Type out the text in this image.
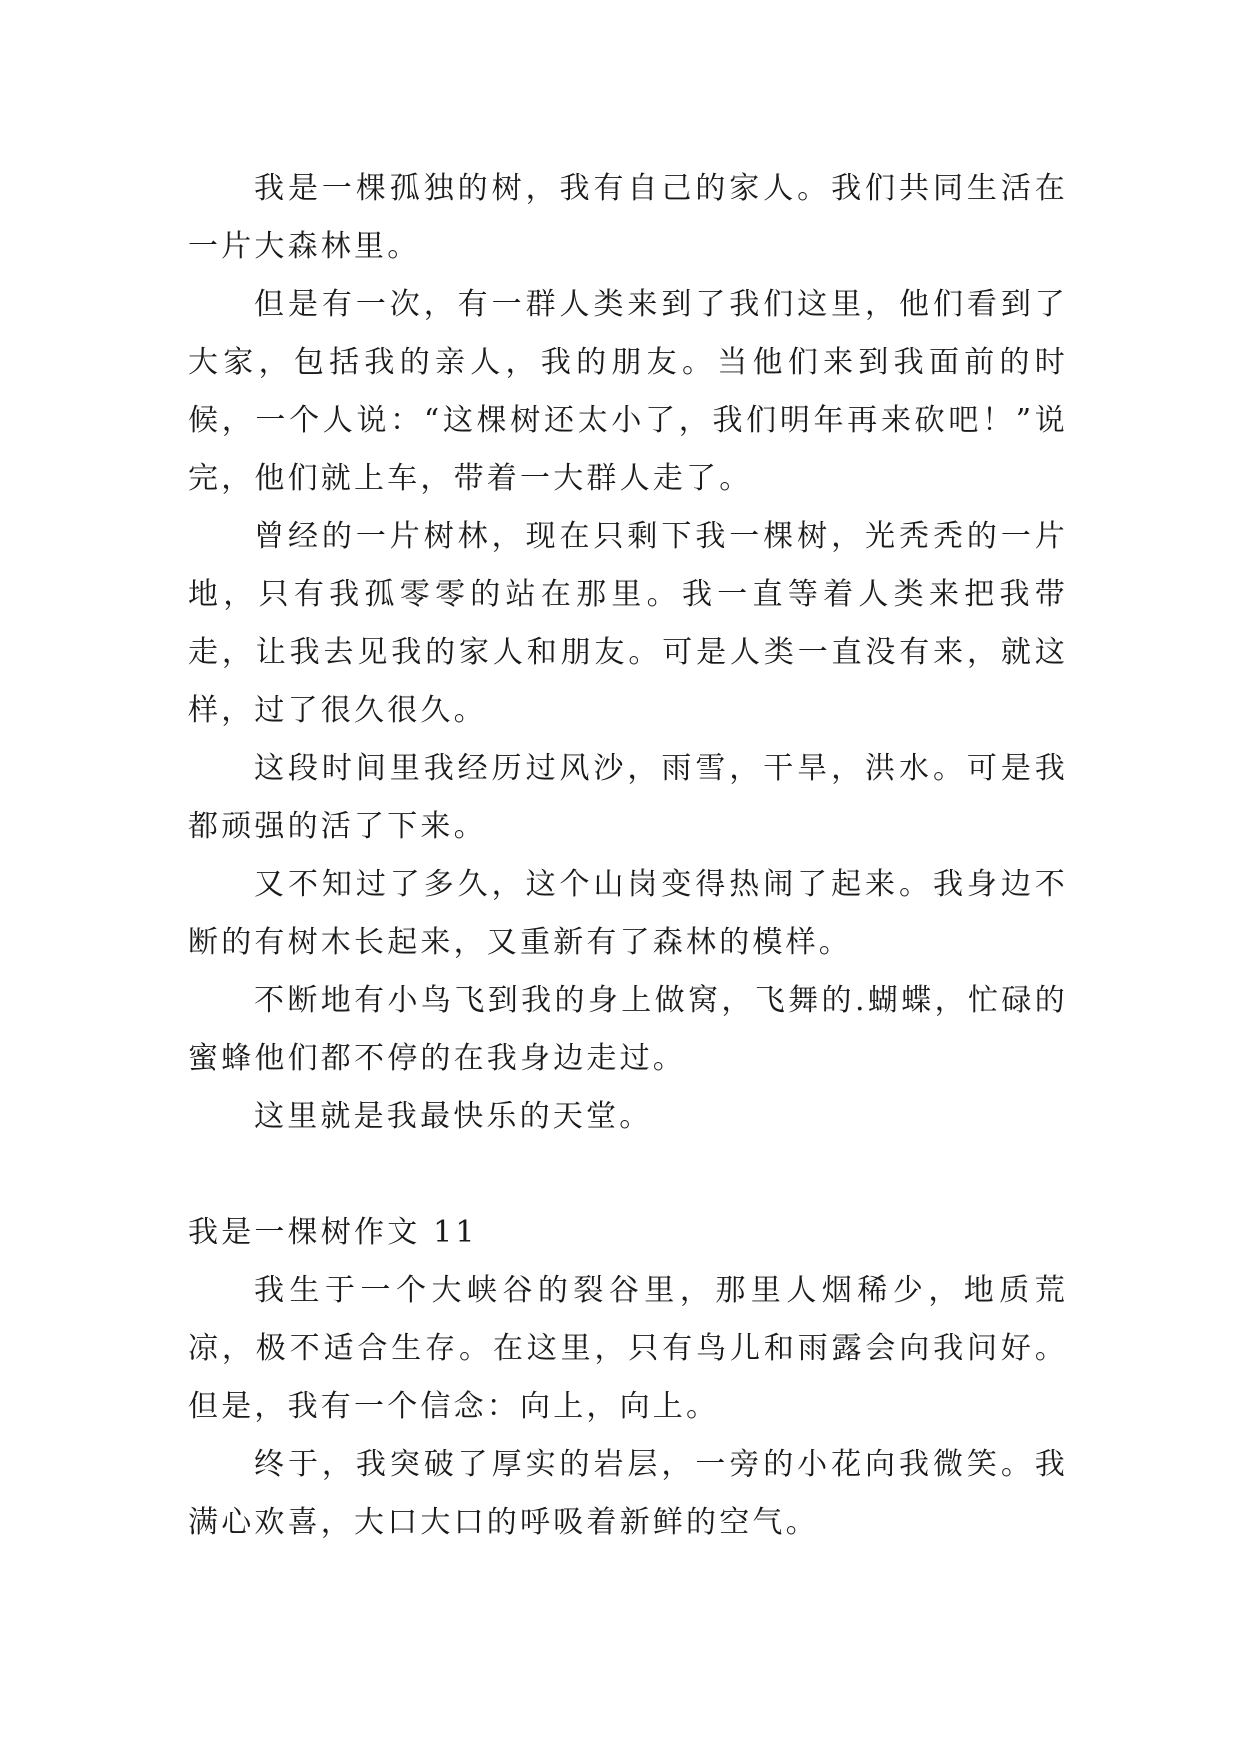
我是一棵孤独的树，我有自己的家人。我们共同生活在一片大森林里。

但是有一次，有一群人类来到了我们这里，他们看到了大家，包括我的亲人，我的朋友。当他们来到我面前的时候，一个人说：“这棵树还太小了，我们明年再来砍吧！”说完，他们就上车，带着一大群人走了。

曾经的一片树林，现在只剩下我一棵树，光秃秃的一片地，只有我孤零零的站在那里。我一直等着人类来把我带走，让我去见我的家人和朋友。可是人类一直没有来，就这样，过了很久很久。

这段时间里我经历过风沙，雨雪，干旱，洪水。可是我都顽强的活了下来。

又不知过了多久，这个山岗变得热闹了起来。我身边不断的有树木长起来，又重新有了森林的模样。

不断地有小鸟飞到我的身上做窝，飞舞的.蝴蝶，忙碌的蜜蜂他们都不停的在我身边走过。

这里就是我最快乐的天堂。

我是一棵树作文 11

我生于一个大峡谷的裂谷里，那里人烟稀少，地质荒凉，极不适合生存。在这里，只有鸟儿和雨露会向我问好。但是，我有一个信念：向上，向上。

终于，我突破了厚实的岩层，一旁的小花向我微笑。我满心欢喜，大口大口的呼吸着新鲜的空气。
